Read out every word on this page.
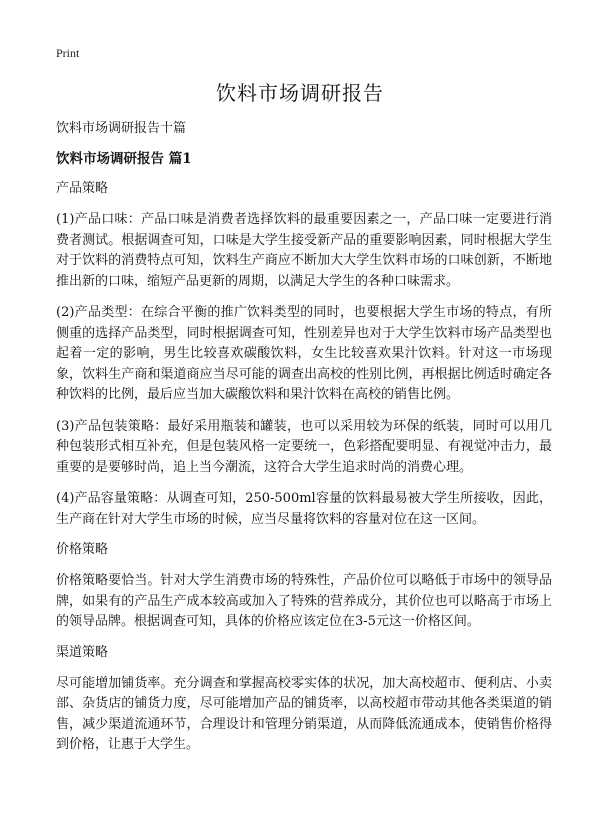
Print
饮料市场调研报告
饮料市场调研报告十篇
饮料市场调研报告 篇1
产品策略

(1)产品口味：产品口味是消费者选择饮料的最重要因素之一，产品口味一定要进行消费者测试。根据调查可知，口味是大学生接受新产品的重要影响因素，同时根据大学生对于饮料的消费特点可知，饮料生产商应不断加大大学生饮料市场的口味创新，不断地推出新的口味，缩短产品更新的周期，以满足大学生的各种口味需求。

(2)产品类型：在综合平衡的推广饮料类型的同时，也要根据大学生市场的特点，有所侧重的选择产品类型，同时根据调查可知，性别差异也对于大学生饮料市场产品类型也起着一定的影响，男生比较喜欢碳酸饮料，女生比较喜欢果汁饮料。针对这一市场现象，饮料生产商和渠道商应当尽可能的调查出高校的性别比例，再根据比例适时确定各种饮料的比例，最后应当加大碳酸饮料和果汁饮料在高校的销售比例。

(3)产品包装策略：最好采用瓶装和罐装，也可以采用较为环保的纸装，同时可以用几种包装形式相互补充，但是包装风格一定要统一，色彩搭配要明显、有视觉冲击力，最重要的是要够时尚，追上当今潮流，这符合大学生追求时尚的消费心理。

(4)产品容量策略：从调查可知，250-500ml容量的饮料最易被大学生所接收，因此，生产商在针对大学生市场的时候，应当尽量将饮料的容量对位在这一区间。

价格策略

价格策略要恰当。针对大学生消费市场的特殊性，产品价位可以略低于市场中的领导品牌，如果有的产品生产成本较高或加入了特殊的营养成分，其价位也可以略高于市场上的领导品牌。根据调查可知，具体的价格应该定位在3-5元这一价格区间。

渠道策略

尽可能增加铺货率。充分调查和掌握高校零实体的状况，加大高校超市、便利店、小卖部、杂货店的铺货力度，尽可能增加产品的铺货率，以高校超市带动其他各类渠道的销售，减少渠道流通环节，合理设计和管理分销渠道，从而降低流通成本，使销售价格得到价格，让惠于大学生。
